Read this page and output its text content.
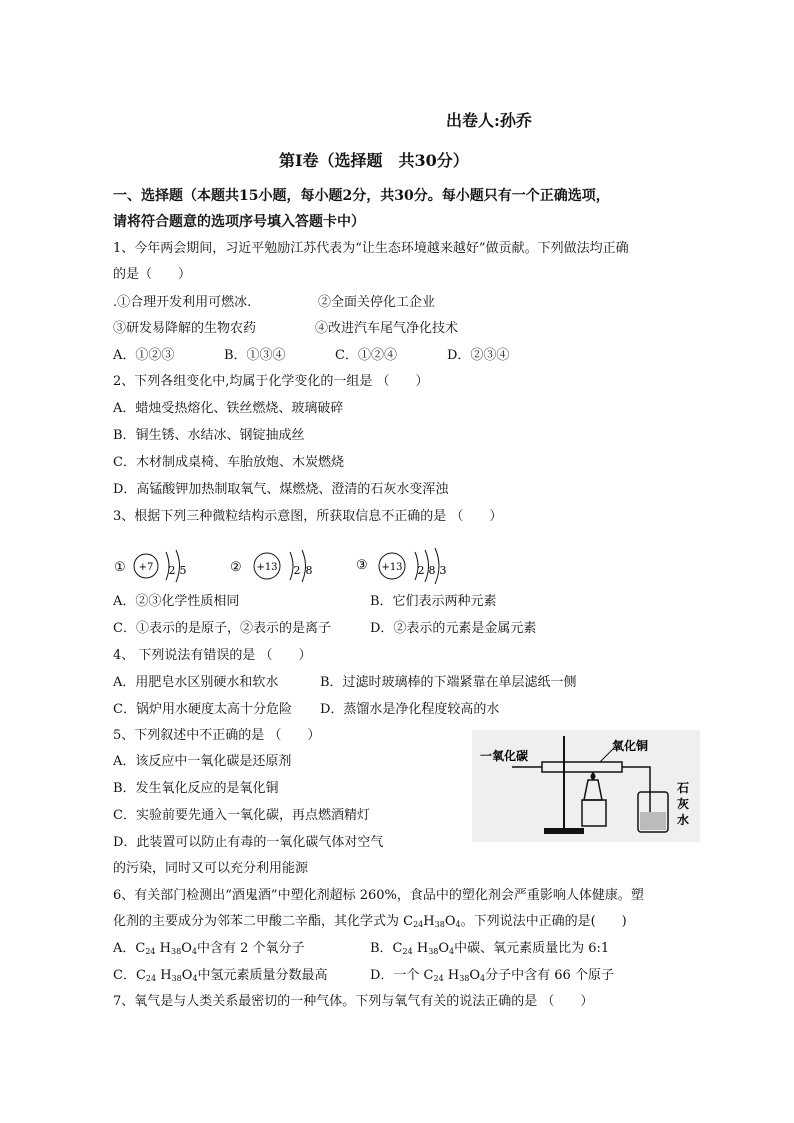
出卷人:孙乔
第Ⅰ卷（选择题　共30分）
一、选择题（本题共15小题，每小题2分，共30分。每小题只有一个正确选项，
请将符合题意的选项序号填入答题卡中）
1、今年两会期间，习近平勉励江苏代表为“让生态环境越来越好”做贡献。下列做法均正确
的是（　　）
.①合理开发利用可燃冰.	②全面关停化工企业
③研发易降解的生物农药	④改进汽车尾气净化技术
A．①②③	B．①③④	C．①②④	D．②③④
2、下列各组变化中,均属于化学变化的一组是 （　　）
A．蜡烛受热熔化、铁丝燃烧、玻璃破碎
B．铜生锈、水结冰、钢锭抽成丝
C．木材制成桌椅、车胎放炮、木炭燃烧
D．高锰酸钾加热制取氧气、煤燃烧、澄清的石灰水变浑浊
3、根据下列三种微粒结构示意图，所获取信息不正确的是 （　　）
① +7 2 5	② +13 2 8	③ +13 2 8 3
A．②③化学性质相同	B．它们表示两种元素
C．①表示的是原子，②表示的是离子	D．②表示的元素是金属元素
4、 下列说法有错误的是 （　　）
A．用肥皂水区别硬水和软水	B．过滤时玻璃棒的下端紧靠在单层滤纸一侧
C．锅炉用水硬度太高十分危险 D．蒸馏水是净化程度较高的水
5、下列叙述中不正确的是 （　　）
A．该反应中一氧化碳是还原剂
B．发生氧化反应的是氧化铜
C．实验前要先通入一氧化碳，再点燃酒精灯
D．此装置可以防止有毒的一氧化碳气体对空气
的污染，同时又可以充分利用能源
一氧化碳
氧化铜
石
灰
水
6、有关部门检测出“酒鬼酒”中塑化剂超标 260%，食品中的塑化剂会严重影响人体健康。塑
化剂的主要成分为邻苯二甲酸二辛酯，其化学式为 $C_{24}H_{38}O_4$。下列说法中正确的是(　　)
A．$C_{24}$ $H_{38}O_4$中含有 2 个氧分子	B．$C_{24}$ $H_{38}O_4$中碳、氧元素质量比为 6:1
C．$C_{24}$ $H_{38}O_4$中氢元素质量分数最高	D．一个 $C_{24}$ $H_{38}O_4$分子中含有 66 个原子
7、氧气是与人类关系最密切的一种气体。下列与氧气有关的说法正确的是 （　　）
